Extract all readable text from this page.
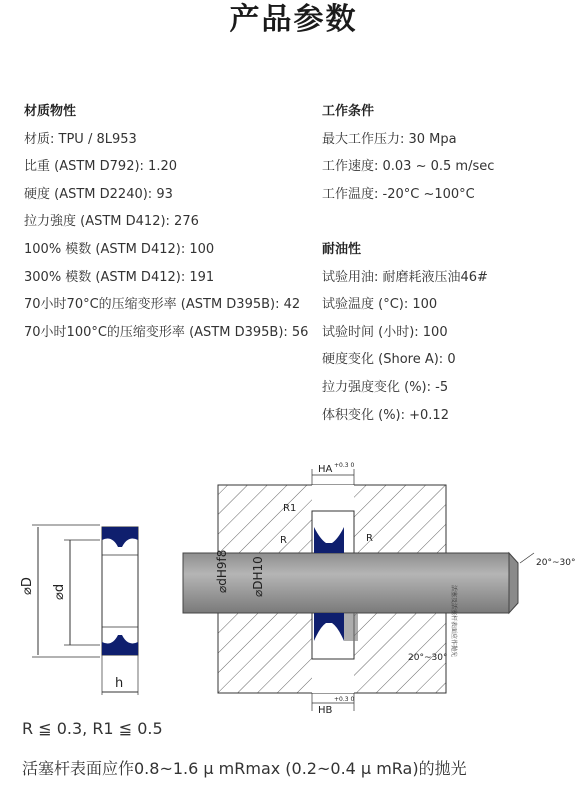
产品参数
材质物性
材质: TPU / 8L953
比重 (ASTM D792): 1.20
硬度 (ASTM D2240): 93
拉力強度 (ASTM D412): 276
100% 模数 (ASTM D412): 100
300% 模数 (ASTM D412): 191
70小时70°C的压缩变形率 (ASTM D395B): 42
70小时100°C的压缩变形率 (ASTM D395B): 56
工作条件
最大工作压力: 30 Mpa
工作速度: 0.03 ~ 0.5 m/sec
工作温度: -20°C ~100°C
耐油性
试验用油: 耐磨耗液压油46#
试验温度 (°C): 100
试验时间 (小时): 100
硬度变化 (Shore A): 0
拉力强度变化 (%): -5
体积变化 (%): +0.12
⌀D ⌀d
h
⌀dH9f8 ⌀DH10
R1
R	R
HA +0.3 0
HB
+0.3 0
20°~30°
20°~30°
活塞及活塞杆表面应作抛光
R ≦ 0.3, R1 ≦ 0.5
活塞杆表面应作0.8~1.6 μ mRmax (0.2~0.4 μ mRa)的拋光
